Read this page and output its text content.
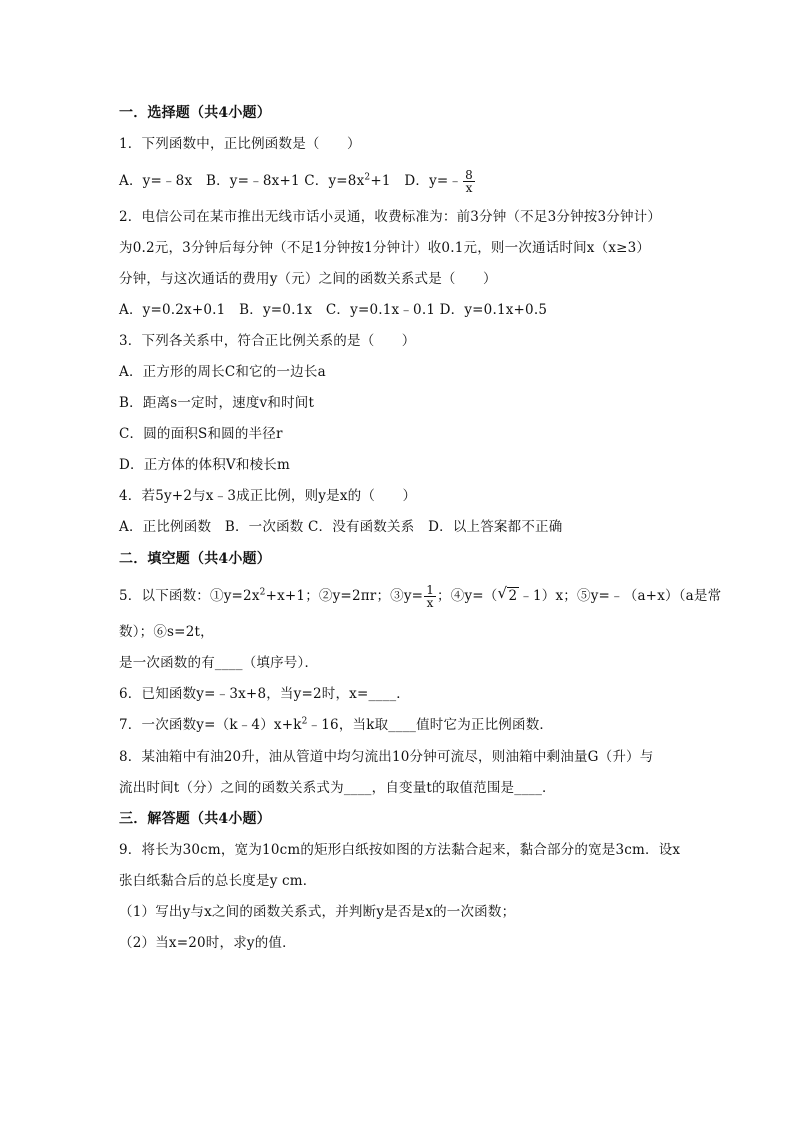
一．选择题（共4小题）
1．下列函数中，正比例函数是（　　）
A．y=﹣8x　B．y=﹣8x+1 C．$y=8x^2+1$　D．y=﹣ $\frac{8}{x}$
2．电信公司在某市推出无线市话小灵通，收费标准为：前3分钟（不足3分钟按3分钟计）
为0.2元，3分钟后每分钟（不足1分钟按1分钟计）收0.1元，则一次通话时间x（x≥3）
分钟，与这次通话的费用y（元）之间的函数关系式是（　　）
A．y=0.2x+0.1　B．y=0.1x　C．y=0.1x﹣0.1 D．y=0.1x+0.5
3．下列各关系中，符合正比例关系的是（　　）
A．正方形的周长C和它的一边长a
B．距离s一定时，速度v和时间t
C．圆的面积S和圆的半径r
D．正方体的体积V和棱长m
4．若5y+2与x﹣3成正比例，则y是x的（　　）
A．正比例函数　B．一次函数 C．没有函数关系　D．以上答案都不正确
二．填空题（共4小题）
5．以下函数：$①y=2x^2+x+1$；②y=2πr；③y= $\frac{1}{x}$ ；④y=（ √ 2 ﹣1）x；⑤y=﹣（a+x）（a是常
数）；⑥s=2t，
是一次函数的有____（填序号）．
6．已知函数y=﹣3x+8，当y=2时，x=____．
7．一次函数$y=(k﹣4)x+k^2﹣16$，当k取____值时它为正比例函数．
8．某油箱中有油20升，油从管道中均匀流出10分钟可流尽，则油箱中剩油量G（升）与
流出时间t（分）之间的函数关系式为____，自变量t的取值范围是____．
三．解答题（共4小题）
9．将长为30cm，宽为10cm的矩形白纸按如图的方法黏合起来，黏合部分的宽是3cm．设x
张白纸黏合后的总长度是y cm．
（1）写出y与x之间的函数关系式，并判断y是否是x的一次函数；
（2）当x=20时，求y的值．
